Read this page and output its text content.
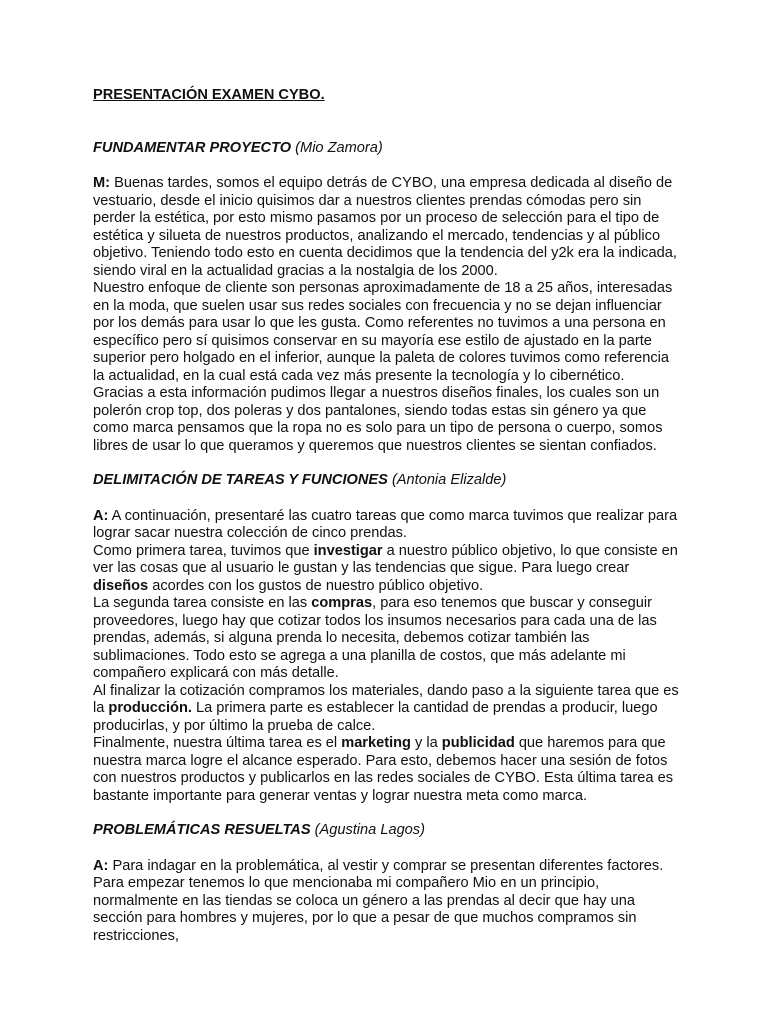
PRESENTACIÓN EXAMEN CYBO.

FUNDAMENTAR PROYECTO (Mio Zamora)

M: Buenas tardes, somos el equipo detrás de CYBO, una empresa dedicada al diseño de vestuario, desde el inicio quisimos dar a nuestros clientes prendas cómodas pero sin perder la estética, por esto mismo pasamos por un proceso de selección para el tipo de estética y silueta de nuestros productos, analizando el mercado, tendencias y al público objetivo. Teniendo todo esto en cuenta decidimos que la tendencia del y2k era la indicada, siendo viral en la actualidad gracias a la nostalgia de los 2000.

Nuestro enfoque de cliente son personas aproximadamente de 18 a 25 años, interesadas en la moda, que suelen usar sus redes sociales con frecuencia y no se dejan influenciar por los demás para usar lo que les gusta. Como referentes no tuvimos a una persona en específico pero sí quisimos conservar en su mayoría ese estilo de ajustado en la parte superior pero holgado en el inferior, aunque la paleta de colores tuvimos como referencia la actualidad, en la cual está cada vez más presente la tecnología y lo cibernético.

Gracias a esta información pudimos llegar a nuestros diseños finales, los cuales son un polerón crop top, dos poleras y dos pantalones, siendo todas estas sin género ya que como marca pensamos que la ropa no es solo para un tipo de persona o cuerpo, somos libres de usar lo que queramos y queremos que nuestros clientes se sientan confiados.

DELIMITACIÓN DE TAREAS Y FUNCIONES (Antonia Elizalde)

A: A continuación, presentaré las cuatro tareas que como marca tuvimos que realizar para lograr sacar nuestra colección de cinco prendas.

Como primera tarea, tuvimos que investigar a nuestro público objetivo, lo que consiste en ver las cosas que al usuario le gustan y las tendencias que sigue. Para luego crear diseños acordes con los gustos de nuestro público objetivo.

La segunda tarea consiste en las compras, para eso tenemos que buscar y conseguir proveedores, luego hay que cotizar todos los insumos necesarios para cada una de las prendas, además, si alguna prenda lo necesita, debemos cotizar también las sublimaciones. Todo esto se agrega a una planilla de costos, que más adelante mi compañero explicará con más detalle.

Al finalizar la cotización compramos los materiales, dando paso a la siguiente tarea que es la producción. La primera parte es establecer la cantidad de prendas a producir, luego producirlas, y por último la prueba de calce.

Finalmente, nuestra última tarea es el marketing y la publicidad que haremos para que nuestra marca logre el alcance esperado. Para esto, debemos hacer una sesión de fotos con nuestros productos y publicarlos en las redes sociales de CYBO. Esta última tarea es bastante importante para generar ventas y lograr nuestra meta como marca.

PROBLEMÁTICAS RESUELTAS (Agustina Lagos)

A: Para indagar en la problemática, al vestir y comprar se presentan diferentes factores. Para empezar tenemos lo que mencionaba mi compañero Mio en un principio, normalmente en las tiendas se coloca un género a las prendas al decir que hay una sección para hombres y mujeres, por lo que a pesar de que muchos compramos sin restricciones,
